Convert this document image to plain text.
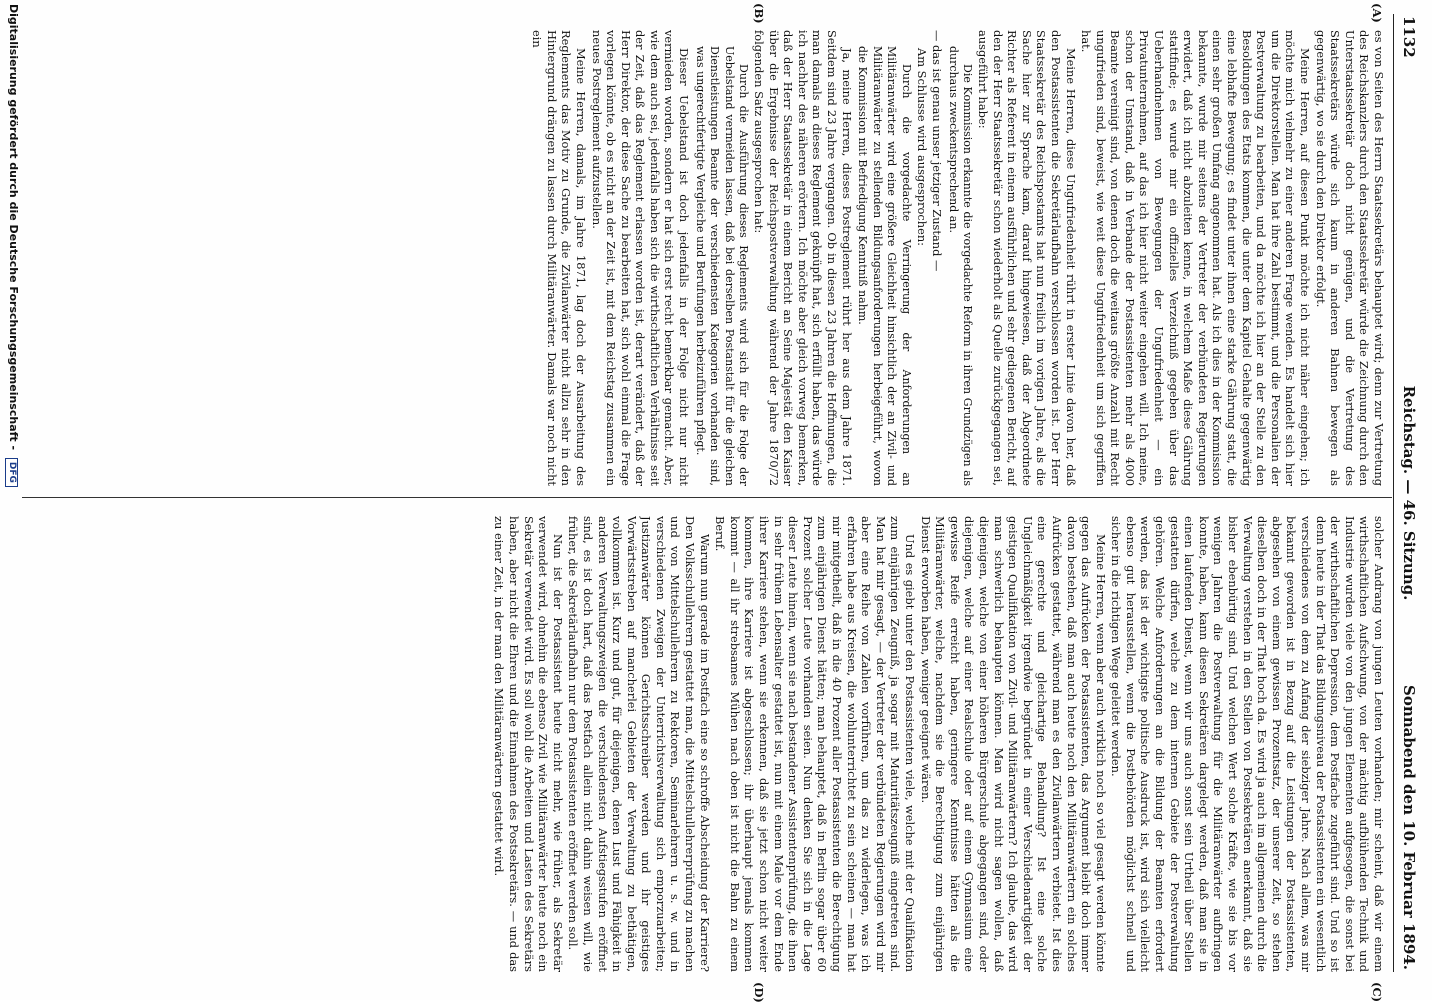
1132
Reichstag. — 46. Sitzung.
Sonnabend den 10. Februar 1894.
(A)
(B)
(C)
(D)

es von Seiten des Herrn Staatssekretärs behauptet wird; denn zur Vertretung des Reichskanzlers durch den Staatssekretär würde die Zeichnung durch den Unterstaatssekretär doch nicht genügen, und die Vertretung des Staatssekretärs würde sich kaum in anderen Bahnen bewegen als gegenwärtig, wo sie durch den Direktor erfolgt.

Meine Herren, auf diesen Punkt möchte ich nicht näher eingehen; ich möchte mich vielmehr zu einer anderen Frage wenden. Es handelt sich hier um die Direktorstellen. Man hat ihre Zahl bestimmt, und die Personalien der Postverwaltung zu bearbeiten, und da möchte ich hier an der Stelle zu den Besoldungen des Etats kommen, die unter dem Kapitel Gehalte gegenwärtig eine lebhafte Bewegung; es findet unter ihnen eine starke Gährung statt, die einen sehr großen Umfang angenommen hat. Als ich dies in der Kommission bekannte, wurde mir seitens der Vertreter der verbündeten Regierungen erwidert, daß ich nicht abzuleiten kenne, in welchem Maße diese Gährung stattfinde; es wurde mir ein offizielles Verzeichniß gegeben über das Ueberhandnehmen von Bewegungen der Ungufriedenheit — ein Privatunternehmen, auf das ich hier nicht weiter eingehen will. Ich meine, schon der Umstand, daß in Verbande der Postassistenten mehr als 4000 Beamte vereinigt sind, von denen doch die weitaus größte Anzahl mit Recht ungufrieden sind, beweist, wie weit diese Ungufriedenheit um sich gegriffen hat.

Meine Herren, diese Ungufriedenheit rührt in erster Linie davon her, daß den Postassistenten die Sekretärlaufbahn verschlossen worden ist. Der Herr Staatssekretär des Reichspostamts hat nun freilich im vorigen Jahre, als die Sache hier zur Sprache kam, darauf hingewiesen, daß der Abgeordnete Richter als Referent in einem ausführlichen und sehr gediegenen Bericht, auf den der Herr Staatssekretär schon wiederholt als Quelle zurückgegangen sei, ausgeführt habe:

Die Kommission erkannte die vorgedachte Reform in ihren Grundzügen als durchaus zweckentsprechend an.

— das ist genau unser jetziger Zustand —

Am Schlusse wird ausgesprochen:

Durch die vorgedachte Verringerung der Anforderungen an Militäranwärter wird eine größere Gleichheit hinsichtlich der an Zivil- und Militäranwärter zu stellenden Bildungsanforderungen herbeigeführt, wovon die Kommission mit Befriedigung Kenntniß nahm.

Ja, meine Herren, dieses Postreglement rührt her aus dem Jahre 1871. Seitdem sind 23 Jahre vergangen. Ob in diesen 23 Jahren die Hoffnungen, die man damals an dieses Reglement geknüpft hat, sich erfüllt haben, das würde ich nachher des näheren erörtern. Ich möchte aber gleich vorweg bemerken, daß der Herr Staatssekretär in einem Bericht an Seine Majestät den Kaiser über die Ergebnisse der Reichspostverwaltung während der Jahre 1870/72 folgenden Satz ausgesprochen hat:

Durch die Ausführung dieses Reglements wird sich für die Folge der Uebelstand vermeiden lassen, daß bei derselben Postanstalt für die gleichen Dienstleistungen Beamte der verschiedensten Kategorien vorhanden sind, was ungerechtfertigte Vergleiche und Berufungen herbeizuführen pflegt.

Dieser Uebelstand ist doch jedenfalls in der Folge nicht nur nicht vermieden worden, sondern er hat sich erst recht bemerkbar gemacht. Aber, wie dem auch sei, jedenfalls haben sich die wirthschaftlichen Verhältnisse seit der Zeit, daß das Reglement erlassen worden ist, derart verändert, daß der Herr Direktor, der diese Sache zu bearbeiten hat, sich wohl einmal die Frage vorlegen könnte, ob es nicht an der Zeit ist, mit dem Reichstag zusammen ein neues Postreglement aufzustellen.

Meine Herren, damals, im Jahre 1871, lag doch der Ausarbeitung des Reglements das Motiv zu Grunde, die Zivilanwärter nicht allzu sehr in den Hintergrund drängen zu lassen durch Militäranwärter. Damals war noch nicht ein

solcher Andrang von jungen Leuten vorhanden; mir scheint, daß wir einem wirthschaftlichen Aufschwung, von der mächtig aufblühenden Technik und Industrie wurden viele von den jungen Elementen aufgesogen, die sonst bei der wirthschaftlichen Depression, dem Postfache zugeführt sind. Und so ist denn heute in der That das Bildungsniveau der Postassistenten ein wesentlich verschiedenes von dem zu Anfang der siebziger Jahre. Nach allem, was mir bekannt geworden ist in Bezug auf die Leistungen der Postassistenten, abgesehen von einem gewissen Prozentsatz, der unserer Zeit, so stehen dieselben doch in der That hoch da. Es wird ja auch im allgemeinen durch die Verwaltung verstehen in den Stellen von Postsekretären anerkannt, daß sie bisher ebenbürtig sind. Und welchen Wert solche Kräfte, wie sie bis vor wenigen Jahren die Postverwaltung für die Militäranwärter aufbringen konnte, haben, kann diesen Sekretären dargelegt werden, daß man sie in einen laufenden Dienst, wenn wir uns auch sonst sein Urtheil über Stellen gestatten dürfen, welche zu dem internen Gebiete der Postverwaltung gehören. Welche Anforderungen an die Bildung der Beamten erfordert werden, das ist der wichtigste politische Ausdruck ist, wird sich vielleicht ebenso gut herausstellen, wenn die Postbehörden möglichst schnell und sicher in die richtigen Wege geleitet werden.

Meine Herren, wenn aber auch wirklich noch so viel gesagt werden könnte gegen das Aufrücken der Postassistenten, das Argument bleibt doch immer davon bestehen, daß man auch heute noch den Militäranwärtern ein solches Aufrücken gestattet, während man es den Zivilanwärtern verbietet. Ist dies eine gerechte und gleichartige Behandlung? Ist eine solche Ungleichmäßigkeit irgendwie begründet in einer Verschiedenartigkeit der geistigen Qualifikation von Zivil- und Militäranwärtern? Ich glaube, das wird man schwerlich behaupten können. Man wird nicht sagen wollen, daß diejenigen, welche von einer höheren Bürgerschule abgegangen sind, oder diejenigen, welche auf einer Realschule oder auf einem Gymnasium eine gewisse Reife erreicht haben, geringere Kenntnisse hätten als die Militäranwärter, welche, nachdem sie die Berechtigung zum einjährigen Dienst erworben haben, weniger geeignet wären.

Und es giebt unter den Postassistenten viele, welche mit der Qualifikation zum einjährigen Zeugniß, ja sogar mit Maturitätszeugniß eingetreten sind. Man hat mir gesagt, — der Vertreter der verbündeten Regierungen wird mir aber eine Reihe von Zahlen vorführen, um das zu widerlegen, was ich erfahren habe aus Kreisen, die wohlunterrichtet zu sein scheinen — man hat mir mitgetheilt, daß in die 40 Prozent aller Postassistenten die Berechtigung zum einjährigen Dienst hätten; man behauptet, daß in Berlin sogar über 60 Prozent solcher Leute vorhanden seien. Nun denken Sie sich in die Lage dieser Leute hinein, wenn sie nach bestandener Assistentenprüfung, die ihnen in sehr frühem Lebensalter gestattet ist, nun mit einem Male vor dem Ende ihrer Karriere stehen, wenn sie erkennen, daß sie jetzt schon nicht weiter kommen, ihre Karriere ist abgeschlossen; ihr überhaupt jemals kommen kommt — all ihr strebsames Mühen nach oben ist nicht die Bahn zu einem Beruf.

Warum nun gerade im Postfach eine so schroffe Abscheidung der Karriere? Den Volksschullehrern gestattet man, die Mittelschullehrerprüfung zu machen und von Mittelschullehrern zu Rektoren, Seminarlehrern u. s. w. und in verschiedenen Zweigen der Unterrichtsverwaltung sich emporzuarbeiten; Justizanwärter können Gerichtsschreiber werden und ihr geistiges Vorwärtsstreben auf mancherlei Gebieten der Verwaltung zu bethätigen, vollkommen ist. Kurz und gut, für diejenigen, denen Lust und Fähigkeit in anderen Verwaltungszweigen die verschiedensten Aufstiegsstufen eröffnet sind, es ist doch hart, daß das Postfach allein nicht dahin weisen will, wie früher, die Sekretärlaufbahn nur dem Postassistenten eröffnet werden soll.

Nun ist der Postassistent heute nicht mehr, wie früher, als Sekretär verwendet wird, ohnehin die ebenso Zivil wie Militäranwärter heute noch ein Sekretär verwendet wird. Es soll wohl die Arbeiten und Lasten des Sekretärs haben, aber nicht die Ehren und die Einnahmen des Postsekretärs. — und das zu einer Zeit, in der man den Militäranwärtern gestattet wird.

Digitalisierung gefördert durch die Deutsche Forschungsgemeinschaft - DFG
